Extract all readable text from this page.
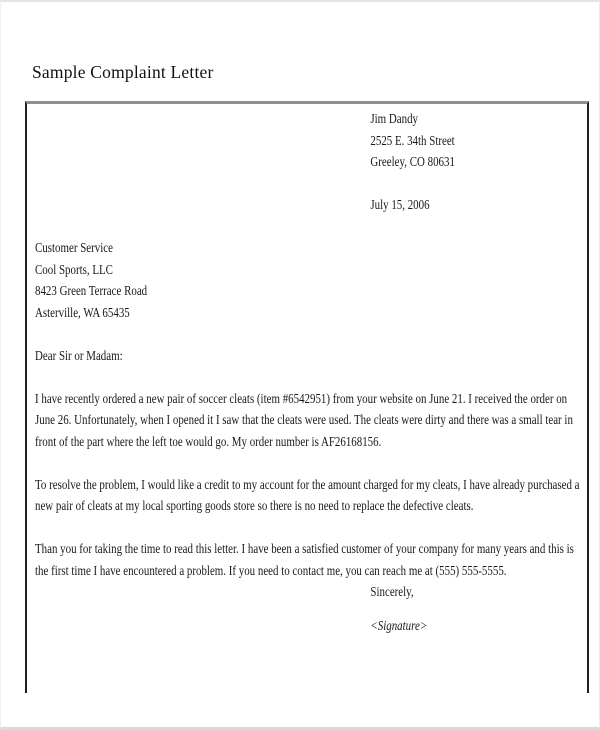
Sample Complaint Letter
Jim Dandy
2525 E. 34th Street
Greeley, CO 80631
July 15, 2006
Customer Service
Cool Sports, LLC
8423 Green Terrace Road
Asterville, WA 65435
Dear Sir or Madam:
I have recently ordered a new pair of soccer cleats (item #6542951) from your website on June 21. I received the order on June 26. Unfortunately, when I opened it I saw that the cleats were used. The cleats were dirty and there was a small tear in front of the part where the left toe would go. My order number is AF26168156.
To resolve the problem, I would like a credit to my account for the amount charged for my cleats, I have already purchased a new pair of cleats at my local sporting goods store so there is no need to replace the defective cleats.
Than you for taking the time to read this letter. I have been a satisfied customer of your company for many years and this is the first time I have encountered a problem. If you need to contact me, you can reach me at (555) 555-5555.
Sincerely,
<Signature>
